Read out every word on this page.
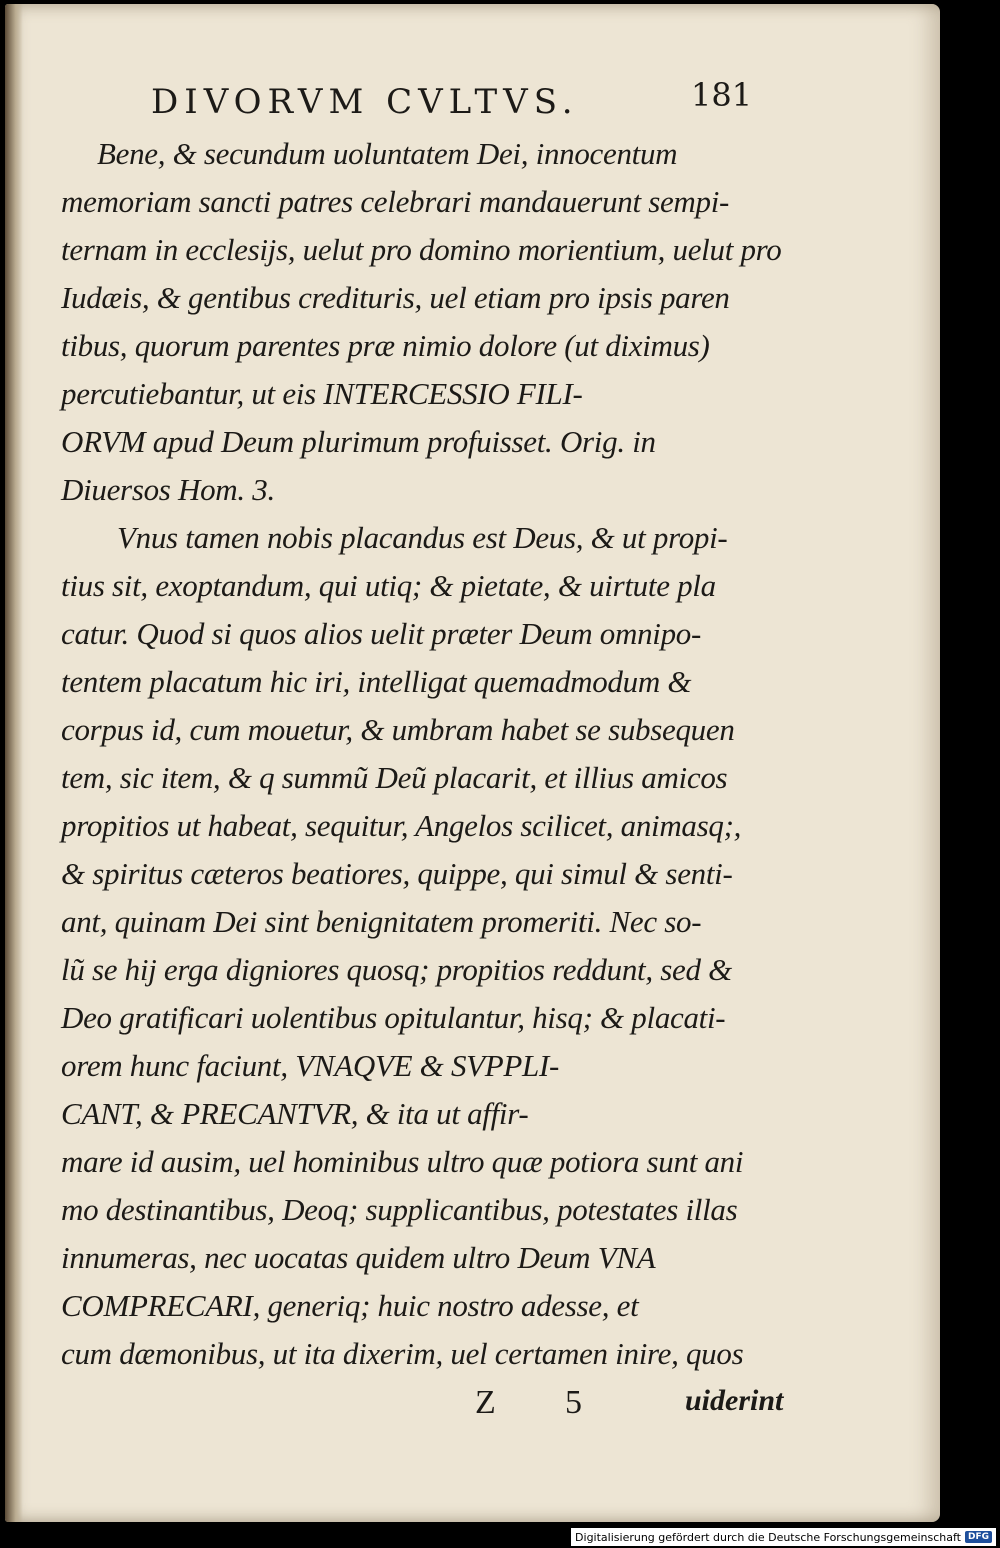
DIVORVM CVLTVS.	181
Bene, & secundum uoluntatem Dei, innocentum
memoriam sancti patres celebrari mandauerunt sempi-
ternam in ecclesijs, uelut pro domino morientium, uelut pro
Iudæis, & gentibus credituris, uel etiam pro ipsis paren
tibus, quorum parentes præ nimio dolore (ut diximus)
percutiebantur, ut eis INTERCESSIO FILI-
ORVM apud Deum plurimum profuisset. Orig. in
Diuersos Hom. 3.
Vnus tamen nobis placandus est Deus, & ut propi-
tius sit, exoptandum, qui utiq; & pietate, & uirtute pla
catur. Quod si quos alios uelit præter Deum omnipo-
tentem placatum hic iri, intelligat quemadmodum &
corpus id, cum mouetur, & umbram habet se subsequen
tem, sic item, & q summũ Deũ placarit, et illius amicos
propitios ut habeat, sequitur, Angelos scilicet, animasq;,
& spiritus cæteros beatiores, quippe, qui simul & senti-
ant, quinam Dei sint benignitatem promeriti. Nec so-
lũ se hij erga digniores quosq; propitios reddunt, sed &
Deo gratificari uolentibus opitulantur, hisq; & placati-
orem hunc faciunt, VNAQVE & SVPPLI-
CANT, & PRECANTVR, & ita ut affir-
mare id ausim, uel hominibus ultro quæ potiora sunt ani
mo destinantibus, Deoq; supplicantibus, potestates illas
innumeras, nec uocatas quidem ultro Deum VNA
COMPRECARI, generiq; huic nostro adesse, et
cum dæmonibus, ut ita dixerim, uel certamen inire, quos
Z 5	uiderint
Digitalisierung gefördert durch die Deutsche Forschungsgemeinschaft DFG
